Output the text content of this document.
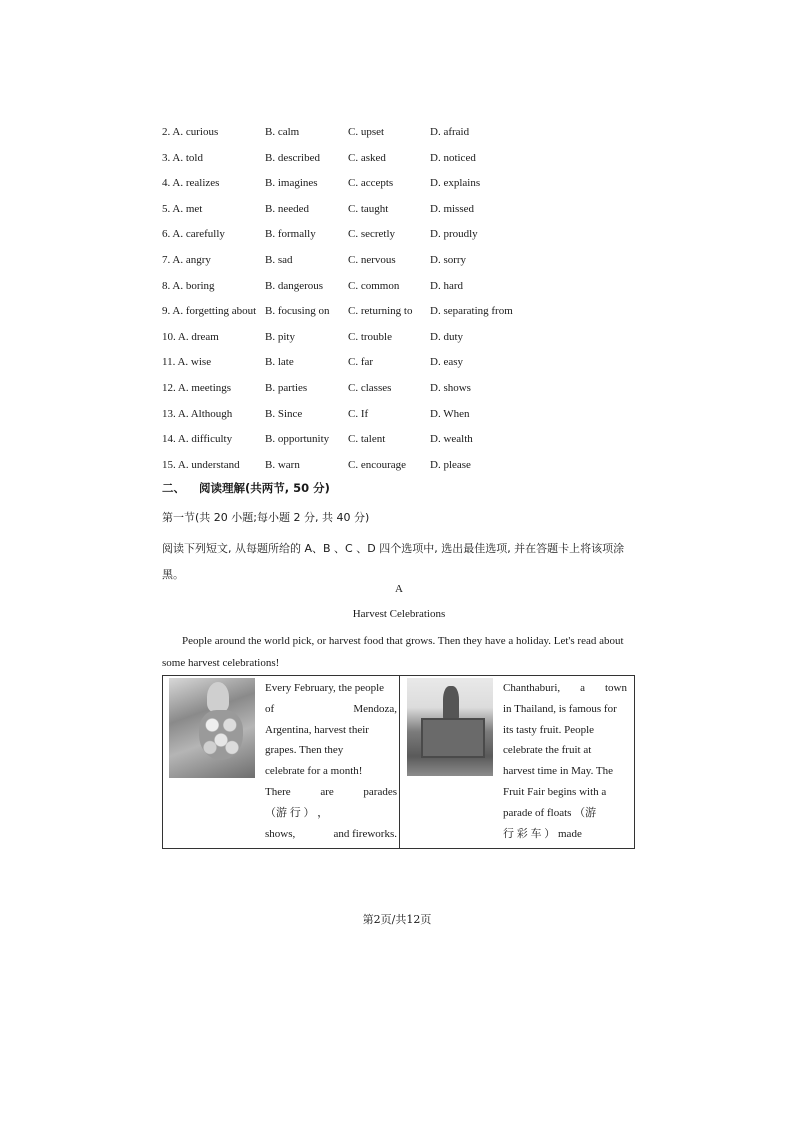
2. A. curious	B. calm	C. upset	D. afraid
3. A. told	B. described	C. asked	D. noticed
4. A. realizes	B. imagines	C. accepts	D. explains
5. A. met	B. needed	C. taught	D. missed
6. A. carefully	B. formally	C. secretly	D. proudly
7. A. angry	B. sad	C. nervous	D. sorry
8. A. boring	B. dangerous C. common	D. hard
9. A. forgetting about B. focusing on C. returning to D. separating from
10. A. dream	B. pity	C. trouble	D. duty
11. A. wise	B. late	C. far	D. easy
12. A. meetings	B. parties	C. classes	D. shows
13. A. Although	B. Since	C. If	D. When
14. A. difficulty	B. opportunity C. talent	D. wealth
15. A. understand B. warn	C. encourage D. please
二、 阅读理解(共两节, 50 分)
第一节(共 20 小题;每小题 2 分, 共 40 分)
阅读下列短文, 从每题所给的 A、B 、C 、D 四个选项中, 选出最佳选项, 并在答题卡上将该项涂黑。
A
Harvest Celebrations
People around the world pick, or harvest food that grows. Then they have a holiday. Let's read about some harvest celebrations!
Every February, the people
of	Mendoza,
Argentina, harvest their
grapes. Then they
celebrate for a month!
There	are	parades
（游 行 ） ，
shows,	and fireworks.
Chanthaburi, a town
in Thailand, is famous for
its tasty fruit. People
celebrate the fruit at
harvest time in May. The
Fruit Fair begins with a
parade of floats （游
行 彩 车 ） made
第2页/共12页
